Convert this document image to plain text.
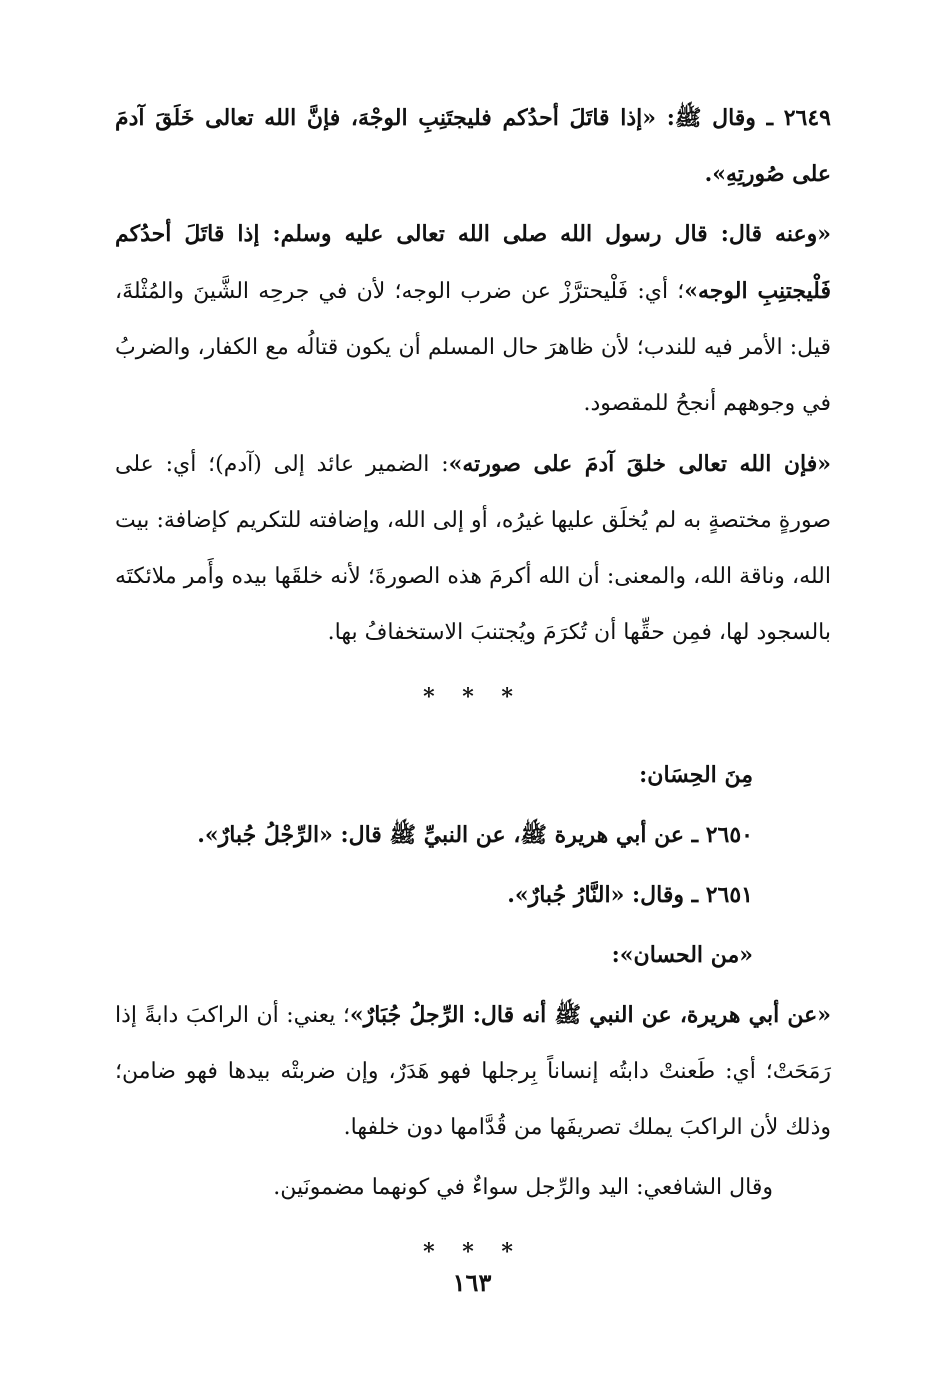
٢٦٤٩ ـ وقال ﷺ: «إذا قاتَلَ أحدُكم فليجتَنِبِ الوجْهَ، فإنَّ الله تعالى خَلَقَ آدمَ على صُورتِهِ».

«وعنه قال: قال رسول الله صلى الله تعالى عليه وسلم: إذا قاتَلَ أحدُكم فَلْيجتنِبِ الوجه»؛ أي: فَلْيحترَّزْ عن ضرب الوجه؛ لأن في جرحِه الشَّينَ والمُثْلةَ، قيل: الأمر فيه للندب؛ لأن ظاهرَ حال المسلم أن يكون قتالُه مع الكفار، والضربُ في وجوههم أنجحُ للمقصود.

«فإن الله تعالى خلقَ آدمَ على صورته»: الضمير عائد إلى (آدم)؛ أي: على صورةٍ مختصةٍ به لم يُخلَق عليها غيرُه، أو إلى الله، وإضافته للتكريم كإضافة: بيت الله، وناقة الله، والمعنى: أن الله أكرمَ هذه الصورةَ؛ لأنه خلقَها بيده وأَمر ملائكتَه بالسجود لها، فمِن حقِّها أن تُكرَمَ ويُجتنبَ الاستخفافُ بها.

* * *

مِنَ الحِسَان:

٢٦٥٠ ـ عن أبي هريرة ﷺ، عن النبيِّ ﷺ قال: «الرِّجْلُ جُبارٌ».

٢٦٥١ ـ وقال: «النَّارُ جُبارٌ».

«من الحسان»:

«عن أبي هريرة، عن النبي ﷺ أنه قال: الرِّجلُ جُبَارٌ»؛ يعني: أن الراكبَ دابةً إذا رَمَحَتْ؛ أي: طَعنتْ دابتُه إنساناً بِرجلها فهو هَدَرٌ، وإن ضربتْه بيدها فهو ضامن؛ وذلك لأن الراكبَ يملك تصريفَها من قُدَّامها دون خلفها.

وقال الشافعي: اليد والرِّجل سواءٌ في كونهما مضمونَين.

* * *
١٦٣
